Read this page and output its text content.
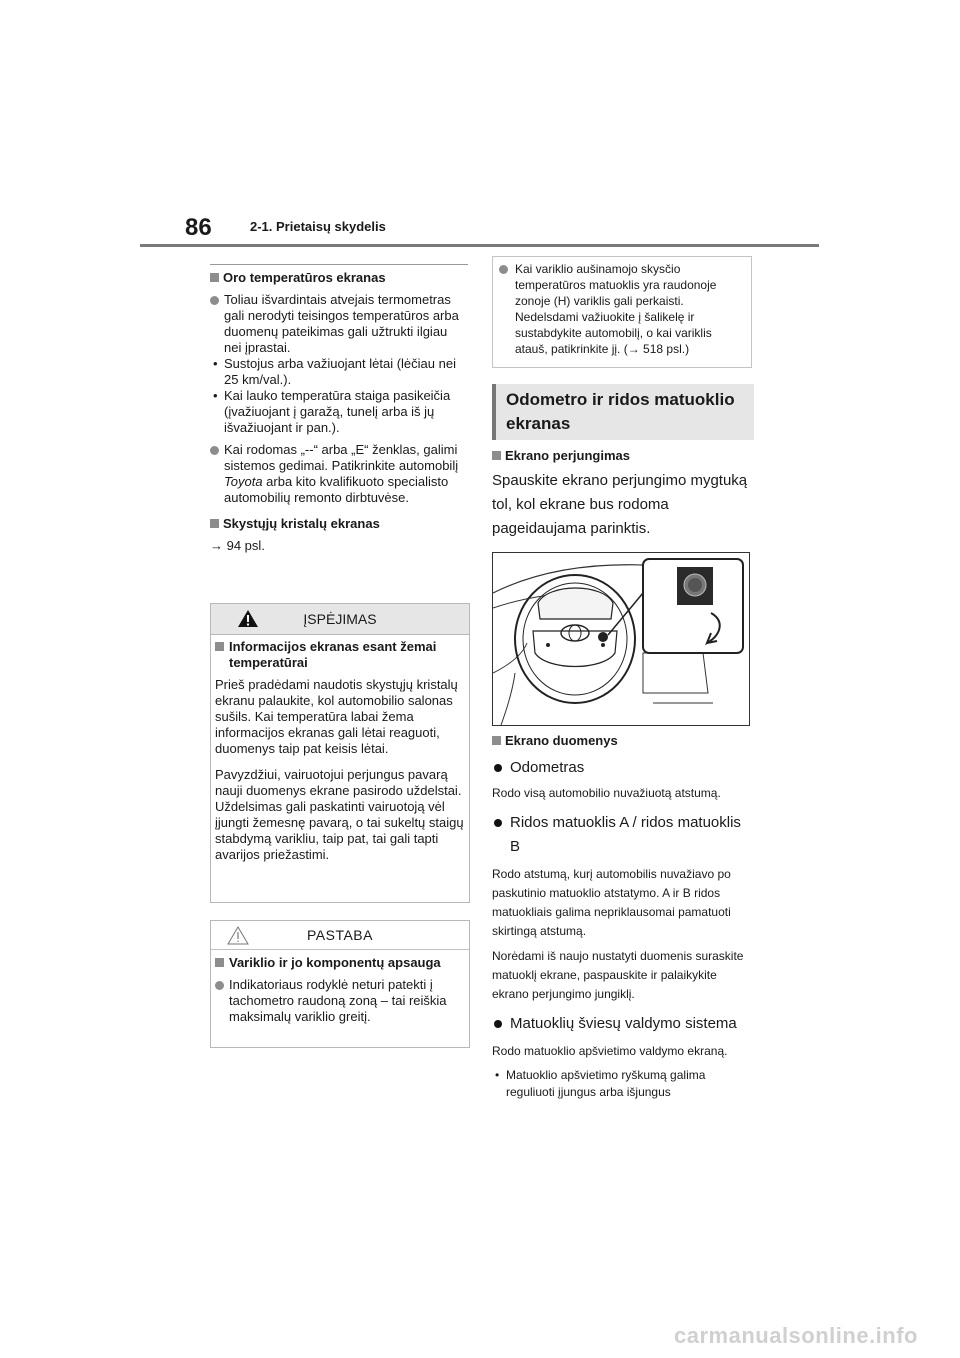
86	2-1. Prietaisų skydelis
Oro temperatūros ekranas
Toliau išvardintais atvejais termometras gali nerodyti teisingos temperatūros arba duomenų pateikimas gali užtrukti ilgiau nei įprastai.
• Sustojus arba važiuojant lėtai (lėčiau nei 25 km/val.).
• Kai lauko temperatūra staiga pasikeičia (įvažiuojant į garažą, tunelį arba iš jų išvažiuojant ir pan.).
Kai rodomas „--“ arba „E“ ženklas, galimi sistemos gedimai. Patikrinkite automobilį Toyota arba kito kvalifikuoto specialisto automobilių remonto dirbtuvėse.
Skystųjų kristalų ekranas
→ 94 psl.
ĮSPĖJIMAS
Informacijos ekranas esant žemai temperatūrai
Prieš pradėdami naudotis skystųjų kristalų ekranu palaukite, kol automobilio salonas sušils. Kai temperatūra labai žema informacijos ekranas gali lėtai reaguoti, duomenys taip pat keisis lėtai.
Pavyzdžiui, vairuotojui perjungus pavarą nauji duomenys ekrane pasirodo uždelstai. Uždelsimas gali paskatinti vairuotoją vėl įjungti žemesnę pavarą, o tai sukeltų staigų stabdymą varikliu, taip pat, tai gali tapti avarijos priežastimi.
PASTABA
Variklio ir jo komponentų apsauga
Indikatoriaus rodyklė neturi patekti į tachometro raudoną zoną – tai reiškia maksimalų variklio greitį.
Kai variklio aušinamojo skysčio temperatūros matuoklis yra raudonoje zonoje (H) variklis gali perkaisti. Nedelsdami važiuokite į šalikelę ir sustabdykite automobilį, o kai variklis atauš, patikrinkite jį. (→ 518 psl.)
Odometro ir ridos matuoklio ekranas
Ekrano perjungimas
Spauskite ekrano perjungimo mygtuką tol, kol ekrane bus rodoma pageidaujama parinktis.
Ekrano duomenys
Odometras
Rodo visą automobilio nuvažiuotą atstumą.
Ridos matuoklis A / ridos matuoklis B
Rodo atstumą, kurį automobilis nuvažiavo po paskutinio matuoklio atstatymo. A ir B ridos matuokliais galima nepriklausomai pamatuoti skirtingą atstumą.
Norėdami iš naujo nustatyti duomenis suraskite matuoklį ekrane, paspauskite ir palaikykite ekrano perjungimo jungiklį.
Matuoklių šviesų valdymo sistema
Rodo matuoklio apšvietimo valdymo ekraną.
• Matuoklio apšvietimo ryškumą galima reguliuoti įjungus arba išjungus
carmanualsonline.info
